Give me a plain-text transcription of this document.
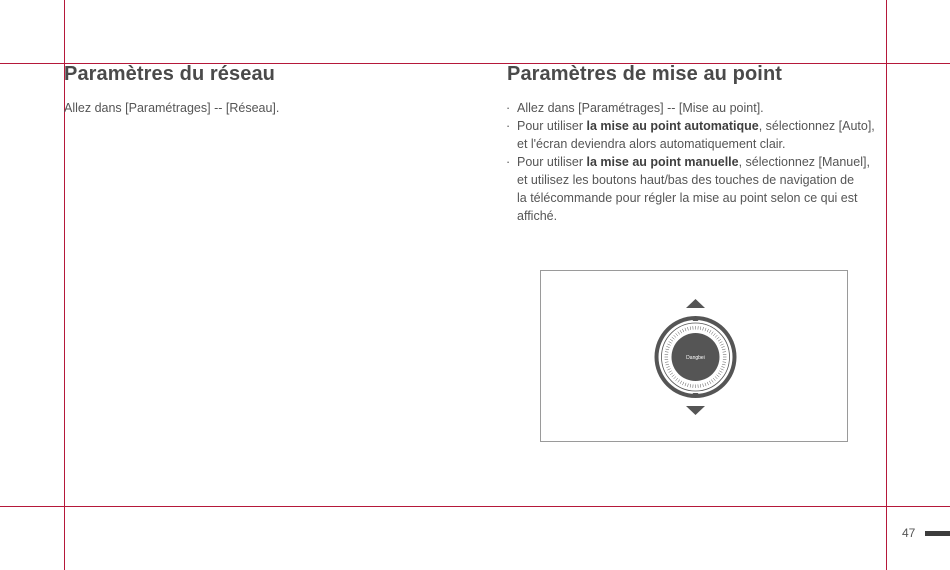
Paramètres du réseau

Allez dans [Paramétrages] -- [Réseau].

Paramètres de mise au point
· Allez dans [Paramétrages] -- [Mise au point].
· Pour utiliser la mise au point automatique, sélectionnez [Auto],
et l'écran deviendra alors automatiquement clair.
· Pour utiliser la mise au point manuelle, sélectionnez [Manuel],
et utilisez les boutons haut/bas des touches de navigation de
la télécommande pour régler la mise au point selon ce qui est
affiché.
Dangbei
47
